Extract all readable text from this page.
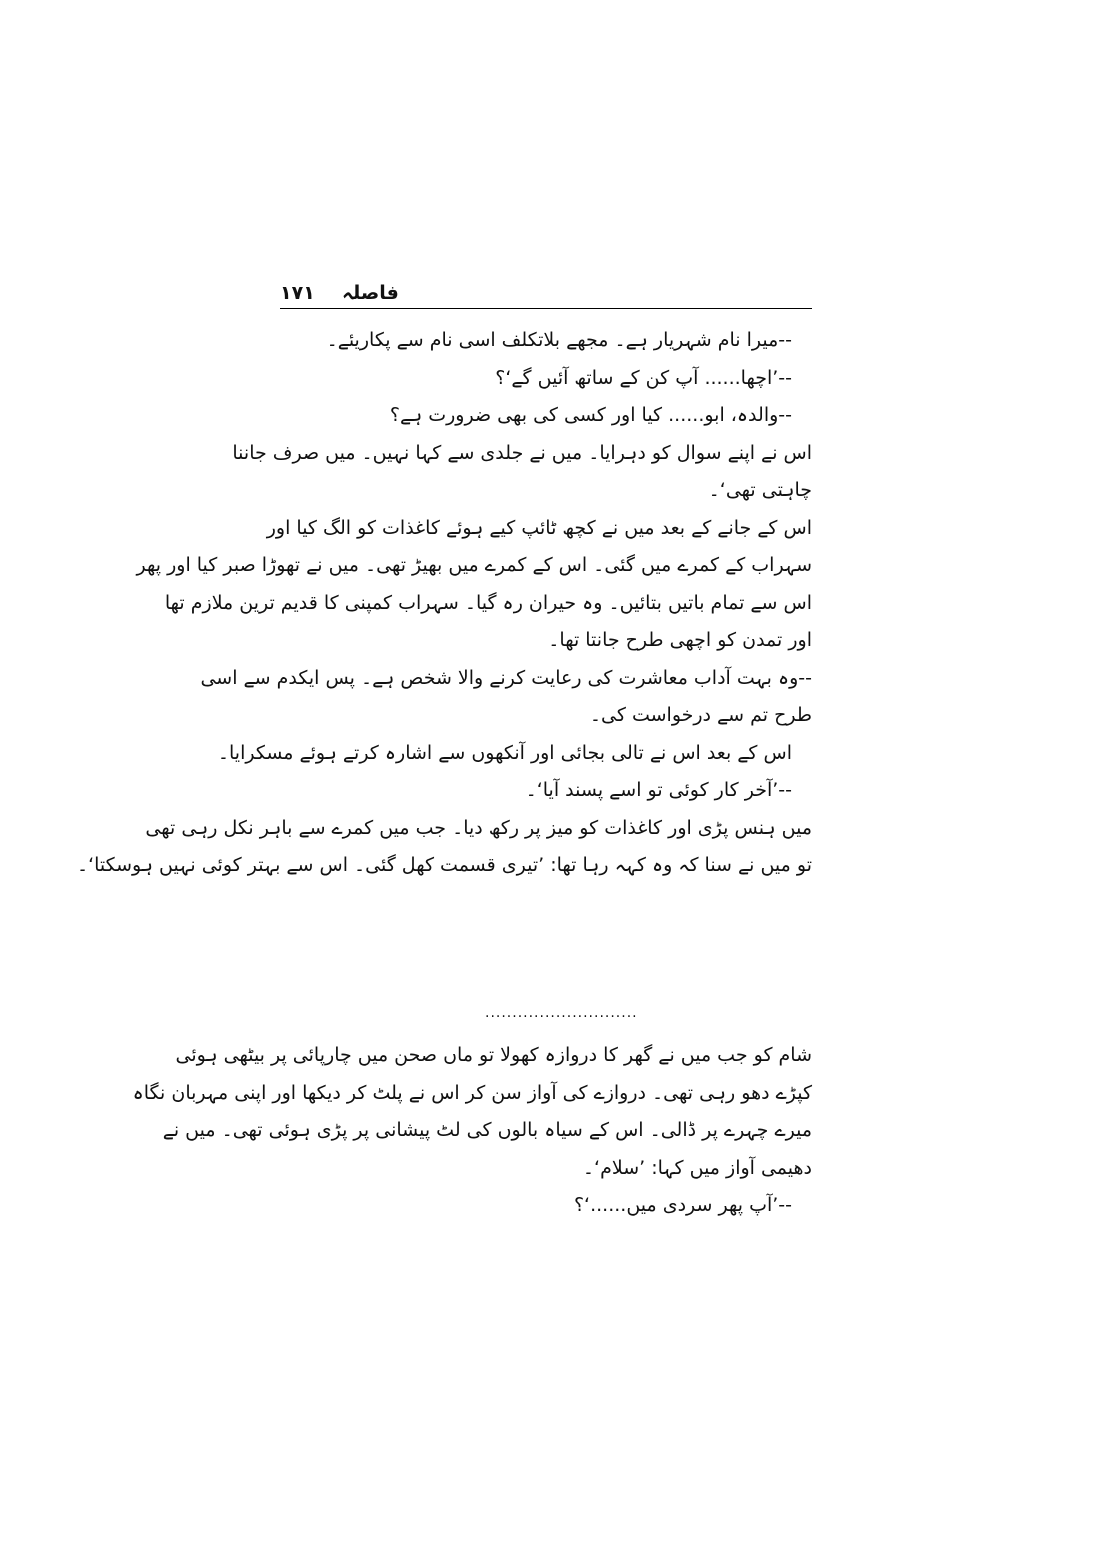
١٧١ فاصلہ
--میرا نام شہریار ہے۔ مجھے بلاتکلف اسی نام سے پکاریئے۔
--’اچھا...... آپ کن کے ساتھ آئیں گے‘؟
--والدہ، ابو...... کیا اور کسی کی بھی ضرورت ہے؟
اس نے اپنے سوال کو دہرایا۔ میں نے جلدی سے کہا نہیں۔ میں صرف جاننا
چاہتی تھی‘۔
اس کے جانے کے بعد میں نے کچھ ٹائپ کیے ہوئے کاغذات کو الگ کیا اور
سہراب کے کمرے میں گئی۔ اس کے کمرے میں بھیڑ تھی۔ میں نے تھوڑا صبر کیا اور پھر
اس سے تمام باتیں بتائیں۔ وہ حیران رہ گیا۔ سہراب کمپنی کا قدیم ترین ملازم تھا
اور تمدن کو اچھی طرح جانتا تھا۔
--وہ بہت آداب معاشرت کی رعایت کرنے والا شخص ہے۔ پس ایکدم سے اسی
طرح تم سے درخواست کی۔
اس کے بعد اس نے تالی بجائی اور آنکھوں سے اشارہ کرتے ہوئے مسکرایا۔
--’آخر کار کوئی تو اسے پسند آیا‘۔
میں ہنس پڑی اور کاغذات کو میز پر رکھ دیا۔ جب میں کمرے سے باہر نکل رہی تھی
تو میں نے سنا کہ وہ کہہ رہا تھا: ’تیری قسمت کھل گئی۔ اس سے بہتر کوئی نہیں ہوسکتا‘۔
............................
شام کو جب میں نے گھر کا دروازہ کھولا تو ماں صحن میں چارپائی پر بیٹھی ہوئی
کپڑے دھو رہی تھی۔ دروازے کی آواز سن کر اس نے پلٹ کر دیکھا اور اپنی مہربان نگاہ
میرے چہرے پر ڈالی۔ اس کے سیاہ بالوں کی لٹ پیشانی پر پڑی ہوئی تھی۔ میں نے
دھیمی آواز میں کہا: ’سلام‘۔
--’آپ پھر سردی میں......‘؟
